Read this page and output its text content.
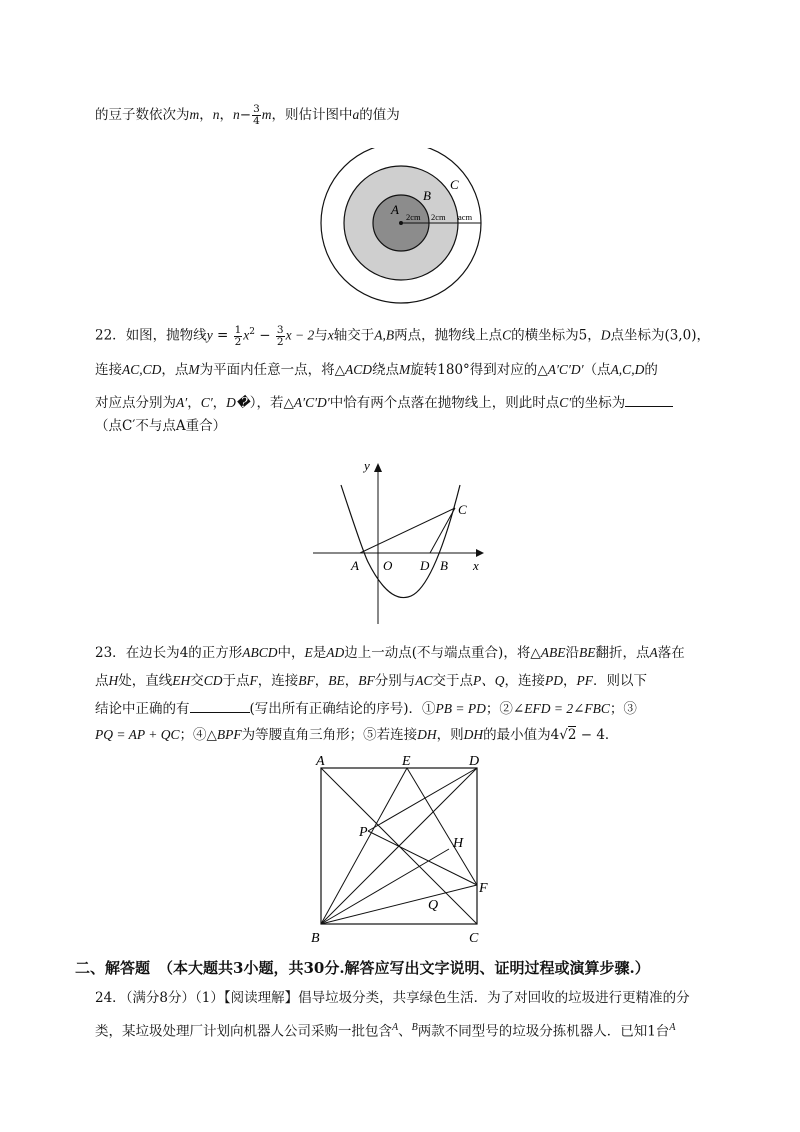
的豆子数依次为m，n，$n- \frac{3}{4}$ m，则估计图中a的值为
A
B
C
2cm 2cm acm
22．如图，抛物线$y = \frac{1}{2} x^2 - \frac{3}{2}$ x − 2与x轴交于A,B两点，抛物线上点C的横坐标为5，D点坐标为(3,0)，
连接AC,CD，点M为平面内任意一点，将△ACD绕点M旋转180°得到对应的△A′C′D′（点A,C,D的
对应点分别为A′，C′，D�），若△A′C′D′中恰有两个点落在抛物线上，则此时点C′的坐标为
（点C′不与点A重合）
y
x
A O D B
C
23．在边长为4的正方形ABCD中，E是AD边上一动点(不与端点重合)，将△ABE沿BE翻折，点A落在
点H处，直线EH交CD于点F，连接BF，BE，BF分别与AC交于点P、Q，连接PD，PF．则以下
结论中正确的有	(写出所有正确结论的序号)．①PB = PD；②∠EFD = 2∠FBC；③
PQ = AP + QC；④△BPF为等腰直角三角形；⑤若连接DH，则DH的最小值为4√2 − 4．
A	E	D
P
H
F
Q
B	C
二、解答题 （本大题共3小题，共30分.解答应写出文字说明、证明过程或演算步骤.）
24．（满分8分）（1）【阅读理解】倡导垃圾分类，共享绿色生活．为了对回收的垃圾进行更精准的分
类，某垃圾处理厂计划向机器人公司采购一批包含$^A$、$^B$两款不同型号的垃圾分拣机器人．已知1台$^A$
